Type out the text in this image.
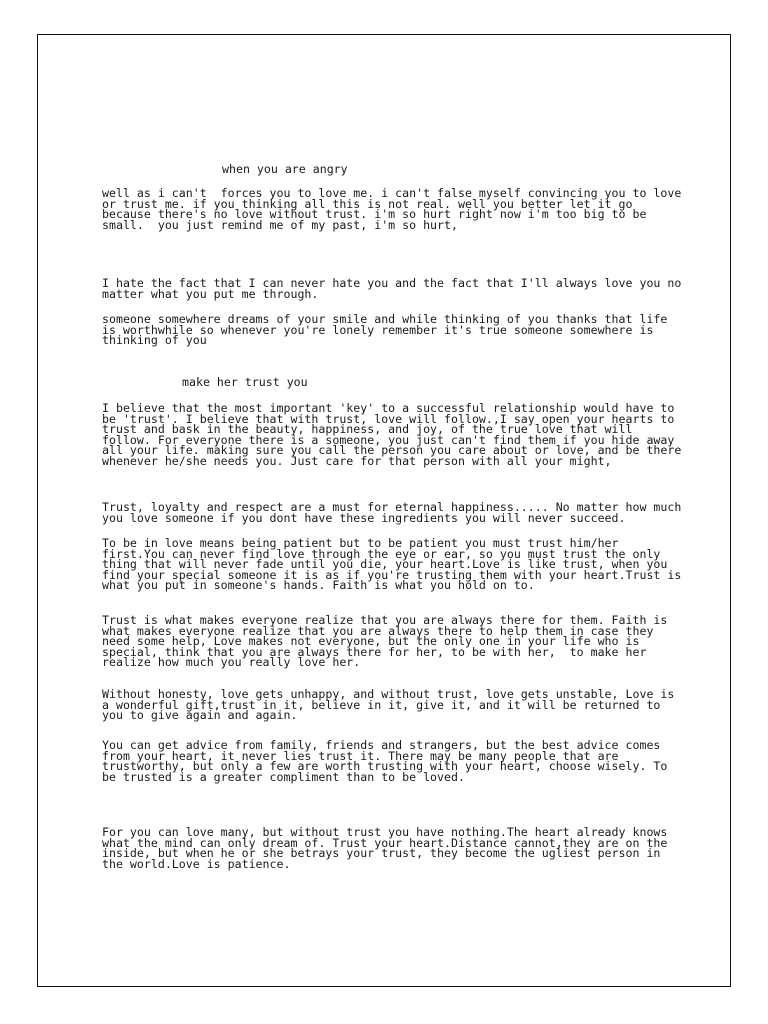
when you are angry
well as i can't  forces you to love me. i can't false myself convincing you to love
or trust me. if you thinking all this is not real. well you better let it go
because there's no love without trust. i'm so hurt right now i'm too big to be
small.  you just remind me of my past, i'm so hurt,
I hate the fact that I can never hate you and the fact that I'll always love you no
matter what you put me through.
someone somewhere dreams of your smile and while thinking of you thanks that life
is worthwhile so whenever you're lonely remember it's true someone somewhere is
thinking of you
make her trust you
I believe that the most important 'key' to a successful relationship would have to
be 'trust'. I believe that with trust, love will follow.,I say open your hearts to
trust and bask in the beauty, happiness, and joy, of the true love that will
follow. For everyone there is a someone, you just can't find them if you hide away
all your life. making sure you call the person you care about or love, and be there
whenever he/she needs you. Just care for that person with all your might,
Trust, loyalty and respect are a must for eternal happiness..... No matter how much
you love someone if you dont have these ingredients you will never succeed.
To be in love means being patient but to be patient you must trust him/her
first.You can never find love through the eye or ear, so you must trust the only
thing that will never fade until you die, your heart.Love is like trust, when you
find your special someone it is as if you're trusting them with your heart.Trust is
what you put in someone's hands. Faith is what you hold on to.
Trust is what makes everyone realize that you are always there for them. Faith is
what makes everyone realize that you are always there to help them in case they
need some help, Love makes not everyone, but the only one in your life who is
special, think that you are always there for her, to be with her,  to make her
realize how much you really love her.
Without honesty, love gets unhappy, and without trust, love gets unstable, Love is
a wonderful gift,trust in it, believe in it, give it, and it will be returned to
you to give again and again.
You can get advice from family, friends and strangers, but the best advice comes
from your heart, it never lies trust it. There may be many people that are
trustworthy, but only a few are worth trusting with your heart, choose wisely. To
be trusted is a greater compliment than to be loved.
For you can love many, but without trust you have nothing.The heart already knows
what the mind can only dream of. Trust your heart.Distance cannot,they are on the
inside, but when he or she betrays your trust, they become the ugliest person in
the world.Love is patience.
